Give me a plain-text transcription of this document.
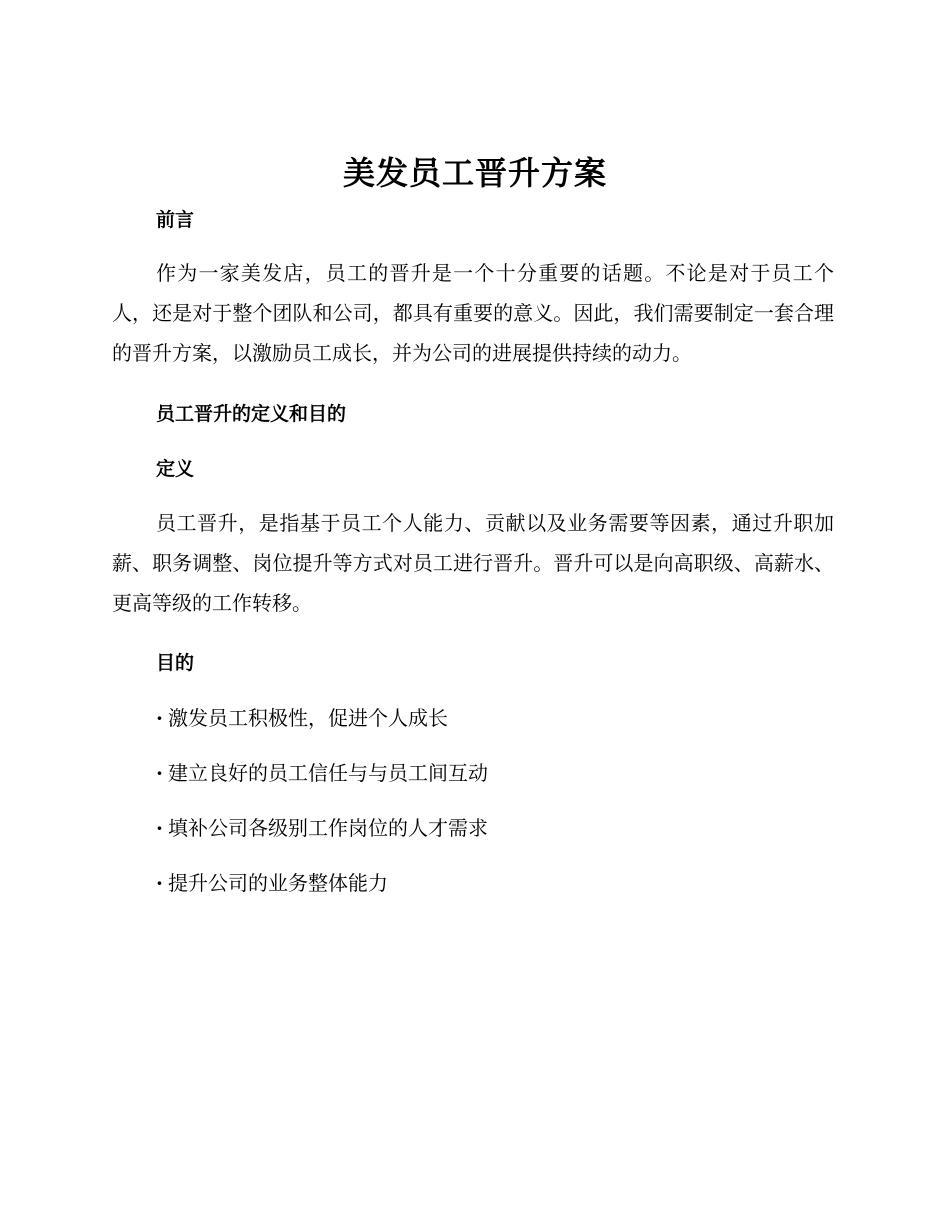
美发员工晋升方案
前言

作为一家美发店，员工的晋升是一个十分重要的话题。不论是对于员工个人，还是对于整个团队和公司，都具有重要的意义。因此，我们需要制定一套合理的晋升方案，以激励员工成长，并为公司的进展提供持续的动力。

员工晋升的定义和目的
定义

员工晋升，是指基于员工个人能力、贡献以及业务需要等因素，通过升职加薪、职务调整、岗位提升等方式对员工进行晋升。晋升可以是向高职级、高薪水、更高等级的工作转移。

目的
· 激发员工积极性，促进个人成长
· 建立良好的员工信任与与员工间互动
· 填补公司各级别工作岗位的人才需求
· 提升公司的业务整体能力
